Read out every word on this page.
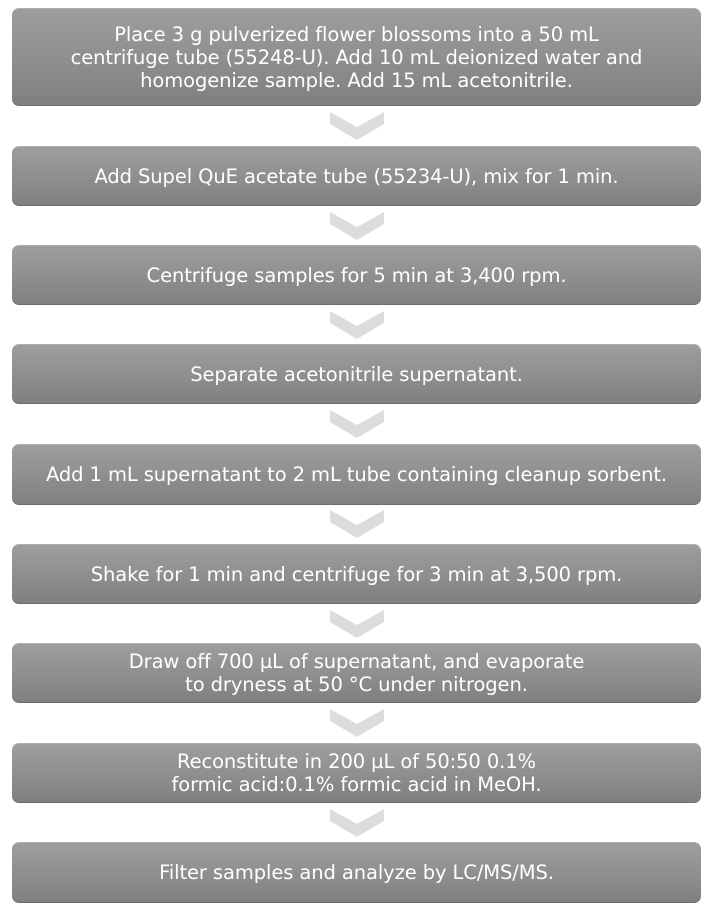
Place 3 g pulverized flower blossoms into a 50 mL
centrifuge tube (55248-U). Add 10 mL deionized water and
homogenize sample. Add 15 mL acetonitrile.
Add Supel QuE acetate tube (55234-U), mix for 1 min.
Centrifuge samples for 5 min at 3,400 rpm.
Separate acetonitrile supernatant.
Add 1 mL supernatant to 2 mL tube containing cleanup sorbent.
Shake for 1 min and centrifuge for 3 min at 3,500 rpm.
Draw off 700 µL of supernatant, and evaporate
to dryness at 50 °C under nitrogen.
Reconstitute in 200 µL of 50:50 0.1%
formic acid:0.1% formic acid in MeOH.
Filter samples and analyze by LC/MS/MS.
